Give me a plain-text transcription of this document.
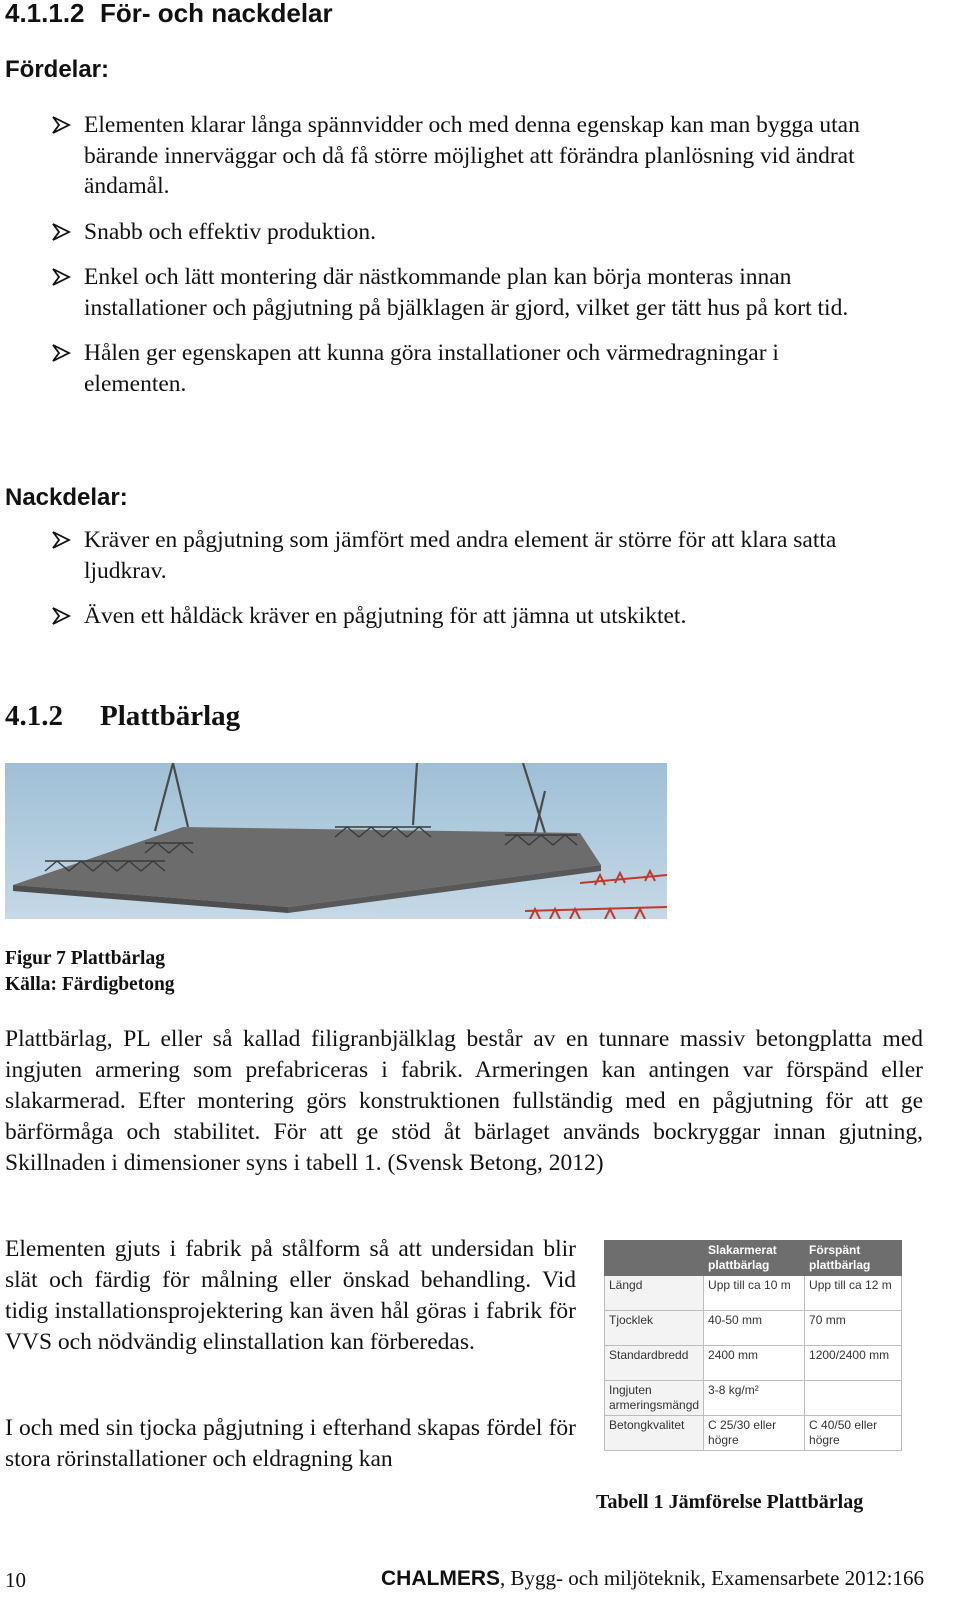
4.1.1.2 För- och nackdelar
Fördelar:
Elementen klarar långa spännvidder och med denna egenskap kan man bygga utan bärande innerväggar och då få större möjlighet att förändra planlösning vid ändrat ändamål.
Snabb och effektiv produktion.
Enkel och lätt montering där nästkommande plan kan börja monteras innan installationer och pågjutning på bjälklagen är gjord, vilket ger tätt hus på kort tid.
Hålen ger egenskapen att kunna göra installationer och värmedragningar i elementen.
Nackdelar:
Kräver en pågjutning som jämfört med andra element är större för att klara satta ljudkrav.
Även ett håldäck kräver en pågjutning för att jämna ut utskiktet.
4.1.2 Plattbärlag
Figur 7 Plattbärlag
Källa: Färdigbetong
Plattbärlag, PL eller så kallad filigranbjälklag består av en tunnare massiv betongplatta med ingjuten armering som prefabriceras i fabrik. Armeringen kan antingen var förspänd eller slakarmerad. Efter montering görs konstruktionen fullständig med en pågjutning för att ge bärförmåga och stabilitet. För att ge stöd åt bärlaget används bockryggar innan gjutning, Skillnaden i dimensioner syns i tabell 1. (Svensk Betong, 2012)
Elementen gjuts i fabrik på stålform så att undersidan blir slät och färdig för målning eller önskad behandling. Vid tidig installationsprojektering kan även hål göras i fabrik för VVS och nödvändig elinstallation kan förberedas.
I och med sin tjocka pågjutning i efterhand skapas fördel för stora rörinstallationer och eldragning kan
	Slakarmerat plattbärlag	Förspänt plattbärlag
Längd	Upp till ca 10 m	Upp till ca 12 m
Tjocklek	40-50 mm	70 mm
Standardbredd	2400 mm	1200/2400 mm
Ingjuten armeringsmängd	3-8 kg/m²	
Betongkvalitet	C 25/30 eller högre	C 40/50 eller högre
Tabell 1 Jämförelse Plattbärlag
10	CHALMERS, Bygg- och miljöteknik, Examensarbete 2012:166
